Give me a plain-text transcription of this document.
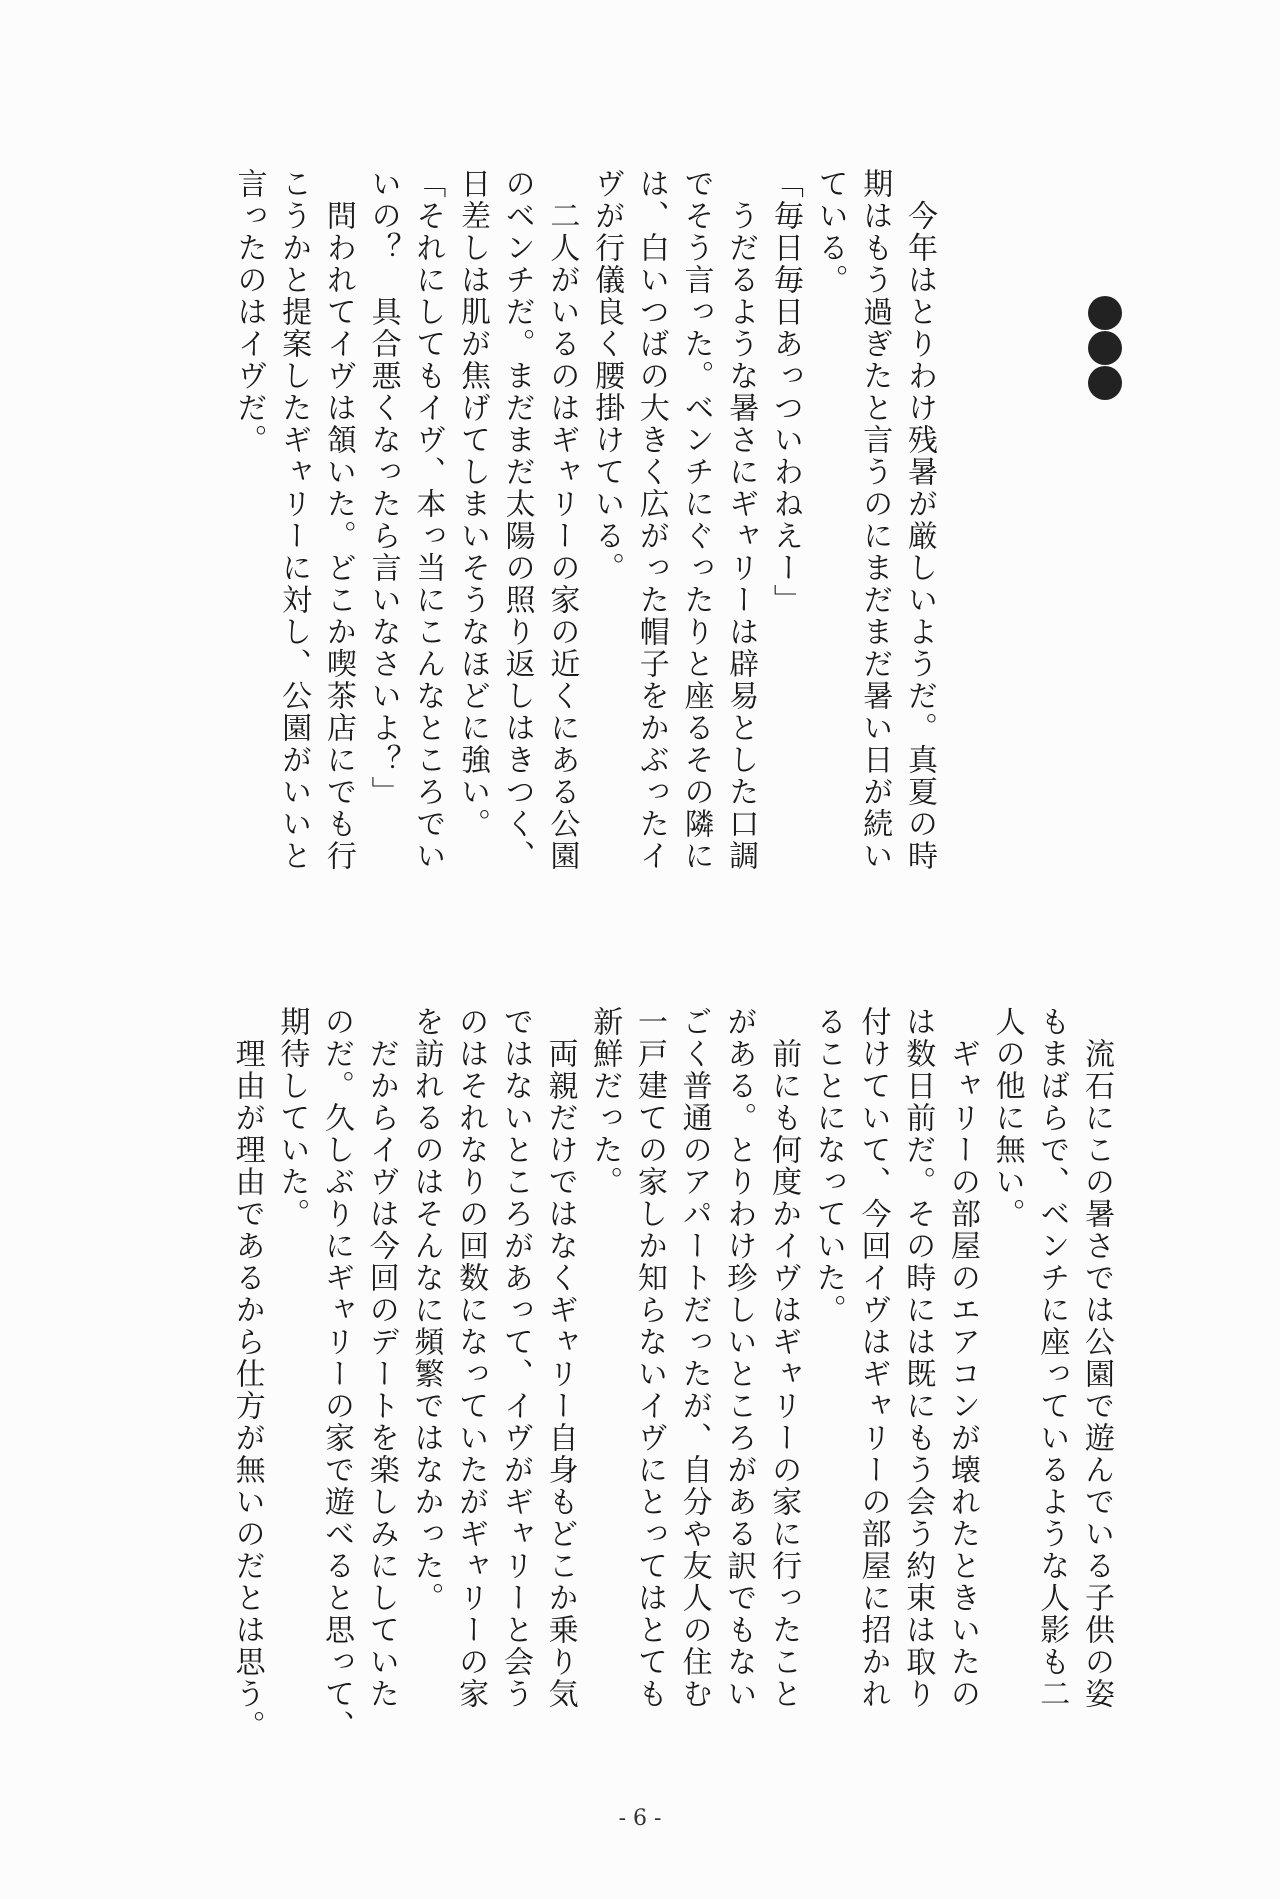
　今年はとりわけ残暑が厳しいようだ。真夏の時
期はもう過ぎたと言うのにまだまだ暑い日が続い
ている。
「毎日毎日あっついわねえー」
　うだるような暑さにギャリーは辟易とした口調
でそう言った。ベンチにぐったりと座るその隣に
は、白いつばの大きく広がった帽子をかぶったイ
ヴが行儀良く腰掛けている。
　二人がいるのはギャリーの家の近くにある公園
のベンチだ。まだまだ太陽の照り返しはきつく、
日差しは肌が焦げてしまいそうなほどに強い。
「それにしてもイヴ、本っ当にこんなところでい
いの？　具合悪くなったら言いなさいよ？」
　問われてイヴは頷いた。どこか喫茶店にでも行
こうかと提案したギャリーに対し、公園がいいと
言ったのはイヴだ。
　流石にこの暑さでは公園で遊んでいる子供の姿
もまばらで、ベンチに座っているような人影も二
人の他に無い。
　ギャリーの部屋のエアコンが壊れたときいたの
は数日前だ。その時には既にもう会う約束は取り
付けていて、今回イヴはギャリーの部屋に招かれ
ることになっていた。
　前にも何度かイヴはギャリーの家に行ったこと
がある。とりわけ珍しいところがある訳でもない
ごく普通のアパートだったが、自分や友人の住む
一戸建ての家しか知らないイヴにとってはとても
新鮮だった。
　両親だけではなくギャリー自身もどこか乗り気
ではないところがあって、イヴがギャリーと会う
のはそれなりの回数になっていたがギャリーの家
を訪れるのはそんなに頻繁ではなかった。
　だからイヴは今回のデートを楽しみにしていた
のだ。久しぶりにギャリーの家で遊べると思って、
期待していた。
　理由が理由であるから仕方が無いのだとは思う。
- 6 -
